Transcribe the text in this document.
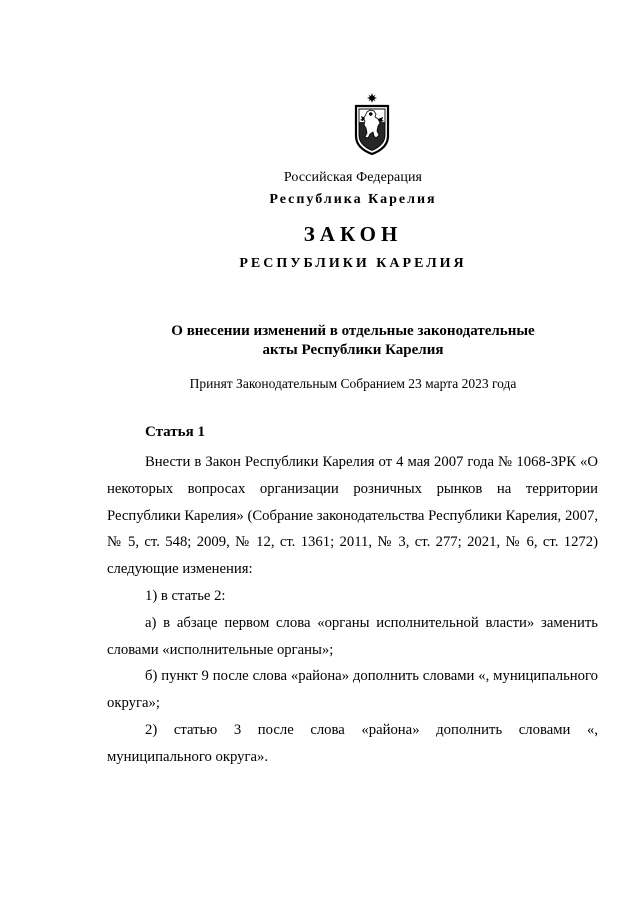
Российская Федерация
Республика Карелия
ЗАКОН
РЕСПУБЛИКИ КАРЕЛИЯ
О внесении изменений в отдельные законодательные
акты Республики Карелия
Принят Законодательным Собранием 23 марта 2023 года
Статья 1

Внести в Закон Республики Карелия от 4 мая 2007 года № 1068-ЗРК «О некоторых вопросах организации розничных рынков на территории Республики Карелия» (Собрание законодательства Республики Карелия, 2007, № 5, ст. 548; 2009, № 12, ст. 1361; 2011, № 3, ст. 277; 2021, № 6, ст. 1272) следующие изменения:

1) в статье 2:

а) в абзаце первом слова «органы исполнительной власти» заменить словами «исполнительные органы»;

б) пункт 9 после слова «района» дополнить словами «, муниципального округа»;

2) статью 3 после слова «района» дополнить словами «, муниципального округа».
